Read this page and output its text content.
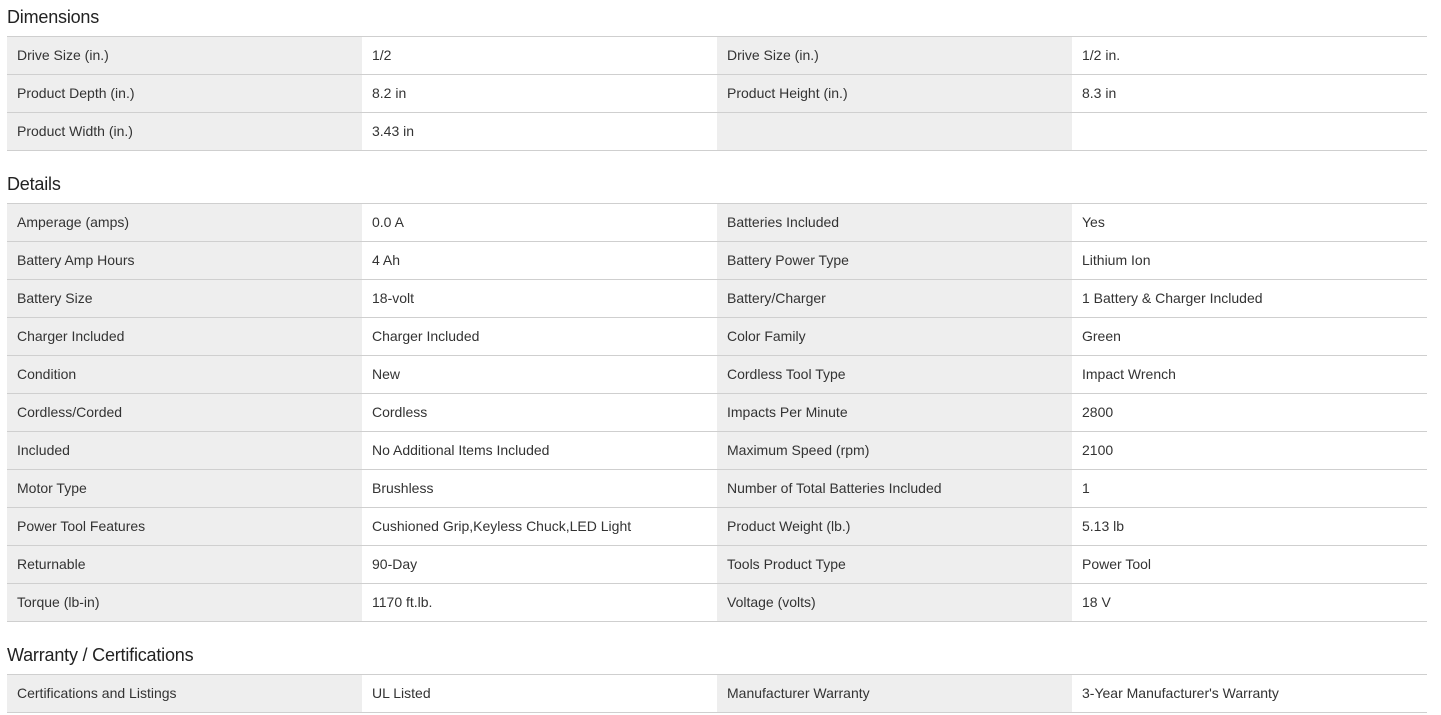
Dimensions
Drive Size (in.)	1/2	Drive Size (in.)	1/2 in.
Product Depth (in.)	8.2 in	Product Height (in.)	8.3 in
Product Width (in.)	3.43 in
Details
Amperage (amps)	0.0 A	Batteries Included	Yes
Battery Amp Hours	4 Ah	Battery Power Type	Lithium Ion
Battery Size	18-volt	Battery/Charger	1 Battery & Charger Included
Charger Included	Charger Included	Color Family	Green
Condition	New	Cordless Tool Type	Impact Wrench
Cordless/Corded	Cordless	Impacts Per Minute	2800
Included	No Additional Items Included	Maximum Speed (rpm)	2100
Motor Type	Brushless	Number of Total Batteries Included	1
Power Tool Features	Cushioned Grip,Keyless Chuck,LED Light	Product Weight (lb.)	5.13 lb
Returnable	90-Day	Tools Product Type	Power Tool
Torque (lb-in)	1170 ft.lb.	Voltage (volts)	18 V
Warranty / Certifications
Certifications and Listings	UL Listed	Manufacturer Warranty	3-Year Manufacturer's Warranty
